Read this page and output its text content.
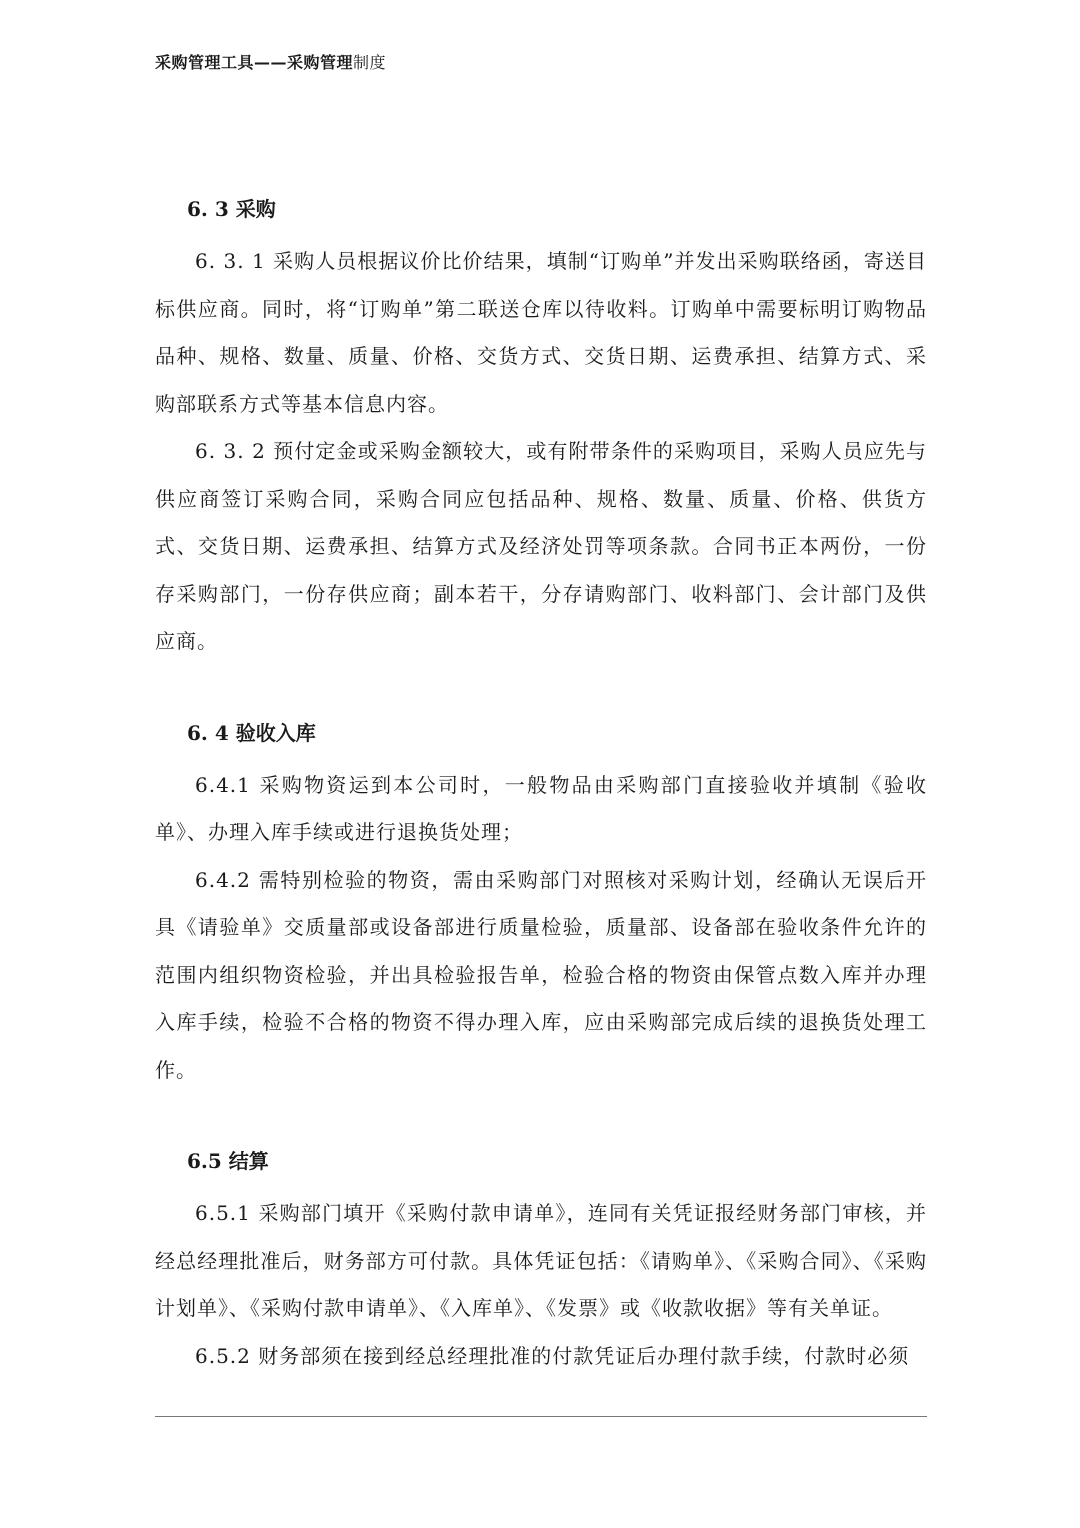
采购管理工具——采购管理制度
6. 3 采购

6. 3. 1 采购人员根据议价比价结果，填制“订购单”并发出采购联络函，寄送目标供应商。同时，将“订购单”第二联送仓库以待收料。订购单中需要标明订购物品品种、规格、数量、质量、价格、交货方式、交货日期、运费承担、结算方式、采购部联系方式等基本信息内容。

6. 3. 2 预付定金或采购金额较大，或有附带条件的采购项目，采购人员应先与供应商签订采购合同，采购合同应包括品种、规格、数量、质量、价格、供货方式、交货日期、运费承担、结算方式及经济处罚等项条款。合同书正本两份，一份存采购部门，一份存供应商；副本若干，分存请购部门、收料部门、会计部门及供应商。

6. 4 验收入库

6.4.1 采购物资运到本公司时，一般物品由采购部门直接验收并填制《验收单》、办理入库手续或进行退换货处理；

6.4.2 需特别检验的物资，需由采购部门对照核对采购计划，经确认无误后开具《请验单》交质量部或设备部进行质量检验，质量部、设备部在验收条件允许的范围内组织物资检验，并出具检验报告单，检验合格的物资由保管点数入库并办理入库手续，检验不合格的物资不得办理入库，应由采购部完成后续的退换货处理工作。

6.5 结算

6.5.1 采购部门填开《采购付款申请单》，连同有关凭证报经财务部门审核，并经总经理批准后，财务部方可付款。具体凭证包括：《请购单》、《采购合同》、《采购计划单》、《采购付款申请单》、《入库单》、《发票》或《收款收据》等有关单证。

6.5.2 财务部须在接到经总经理批准的付款凭证后办理付款手续，付款时必须
